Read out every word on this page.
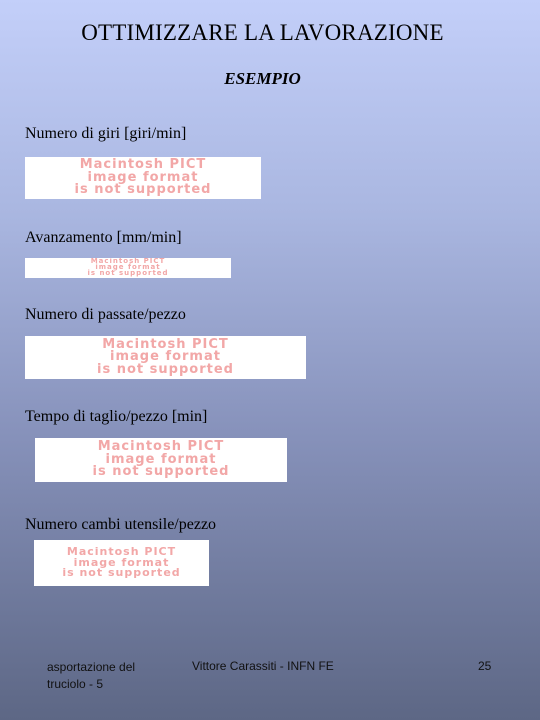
OTTIMIZZARE LA LAVORAZIONE
ESEMPIO
Numero di giri [giri/min]
Macintosh PICT
image format
is not supported
Avanzamento [mm/min]
Macintosh PICT
image format
is not supported
Numero di passate/pezzo
Macintosh PICT
image format
is not supported
Tempo di taglio/pezzo [min]
Macintosh PICT
image format
is not supported
Numero cambi utensile/pezzo
Macintosh PICT
image format
is not supported
asportazione del
truciolo - 5
Vittore Carassiti - INFN FE	25
